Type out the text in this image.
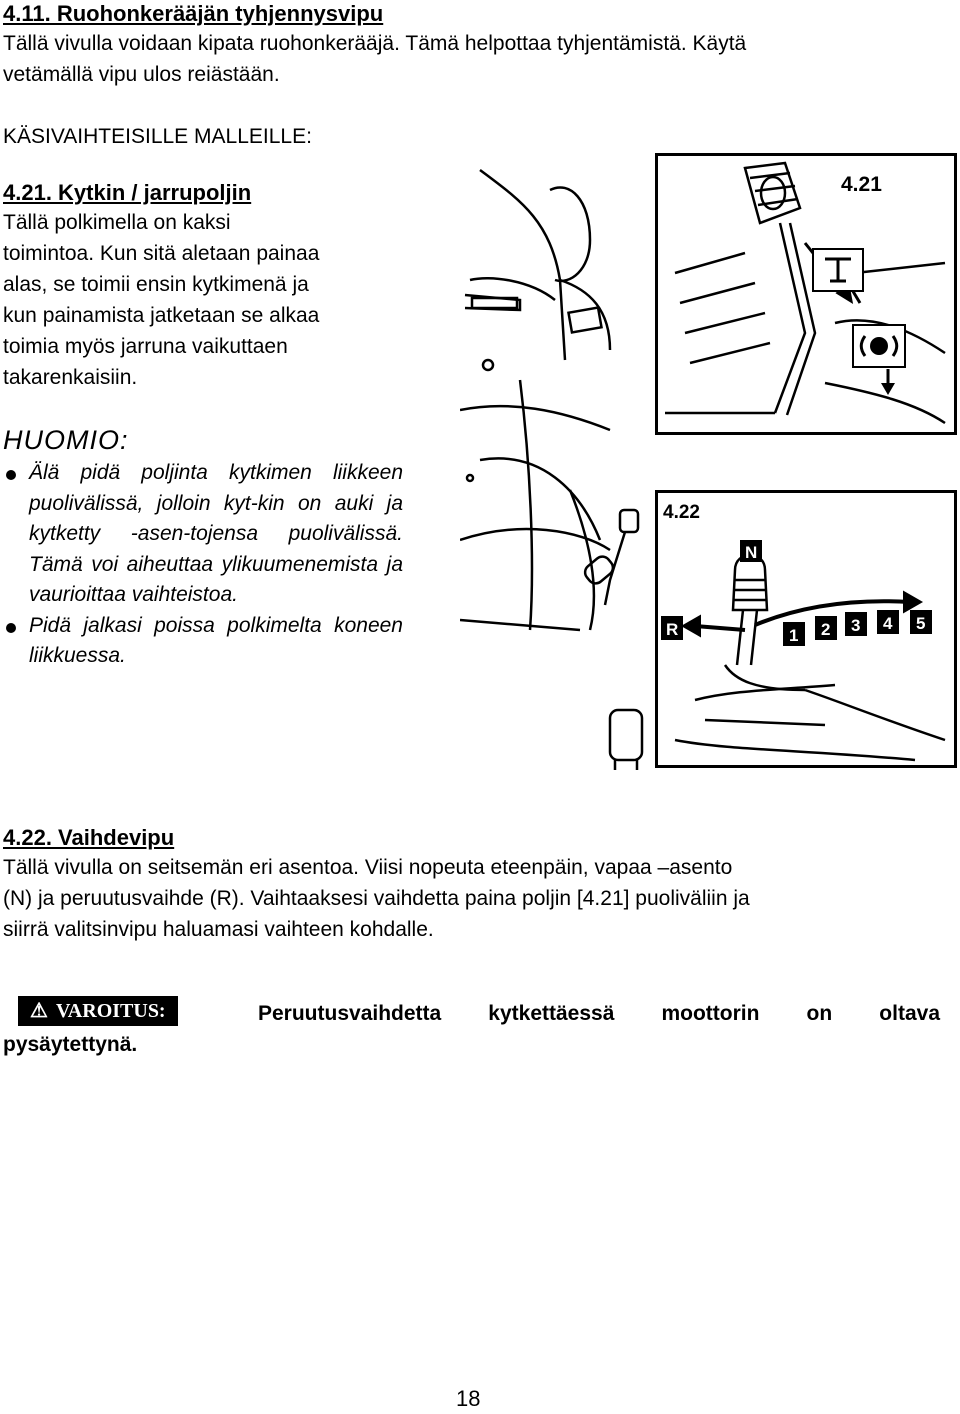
4.11. Ruohonkerääjän tyhjennysvipu

Tällä vivulla voidaan kipata ruohonkerääjä. Tämä helpottaa tyhjentämistä. Käytä

vetämällä vipu ulos reiästään.

KÄSIVAIHTEISILLE MALLEILLE:

4.21. Kytkin / jarrupoljin

Tällä polkimella on kaksi

toimintoa. Kun sitä aletaan painaa

alas, se toimii ensin kytkimenä ja

kun painamista jatketaan se alkaa

toimia myös jarruna vaikuttaen

takarenkaisiin.

HUOMIO:

Älä pidä poljinta kytkimen liikkeen puolivälissä, jolloin kyt-kin on auki ja kytketty -asen-tojensa puolivälissä. Tämä voi aiheuttaa ylikuumenemista ja vaurioittaa vaihteistoa.
Pidä jalkasi poissa polkimelta koneen liikkuessa.
4.21
4.22
N
R	1 2 3 4 5

4.22. Vaihdevipu

Tällä vivulla on seitsemän eri asentoa. Viisi nopeuta eteenpäin, vapaa –asento

(N) ja peruutusvaihde (R). Vaihtaaksesi vaihdetta paina poljin [4.21] puoliväliin ja

siirrä valitsinvipu haluamasi vaihteen kohdalle.

⚠ VAROITUS:	Peruutusvaihdetta kytkettäessä moottorin on oltava

pysäytettynä.

18
